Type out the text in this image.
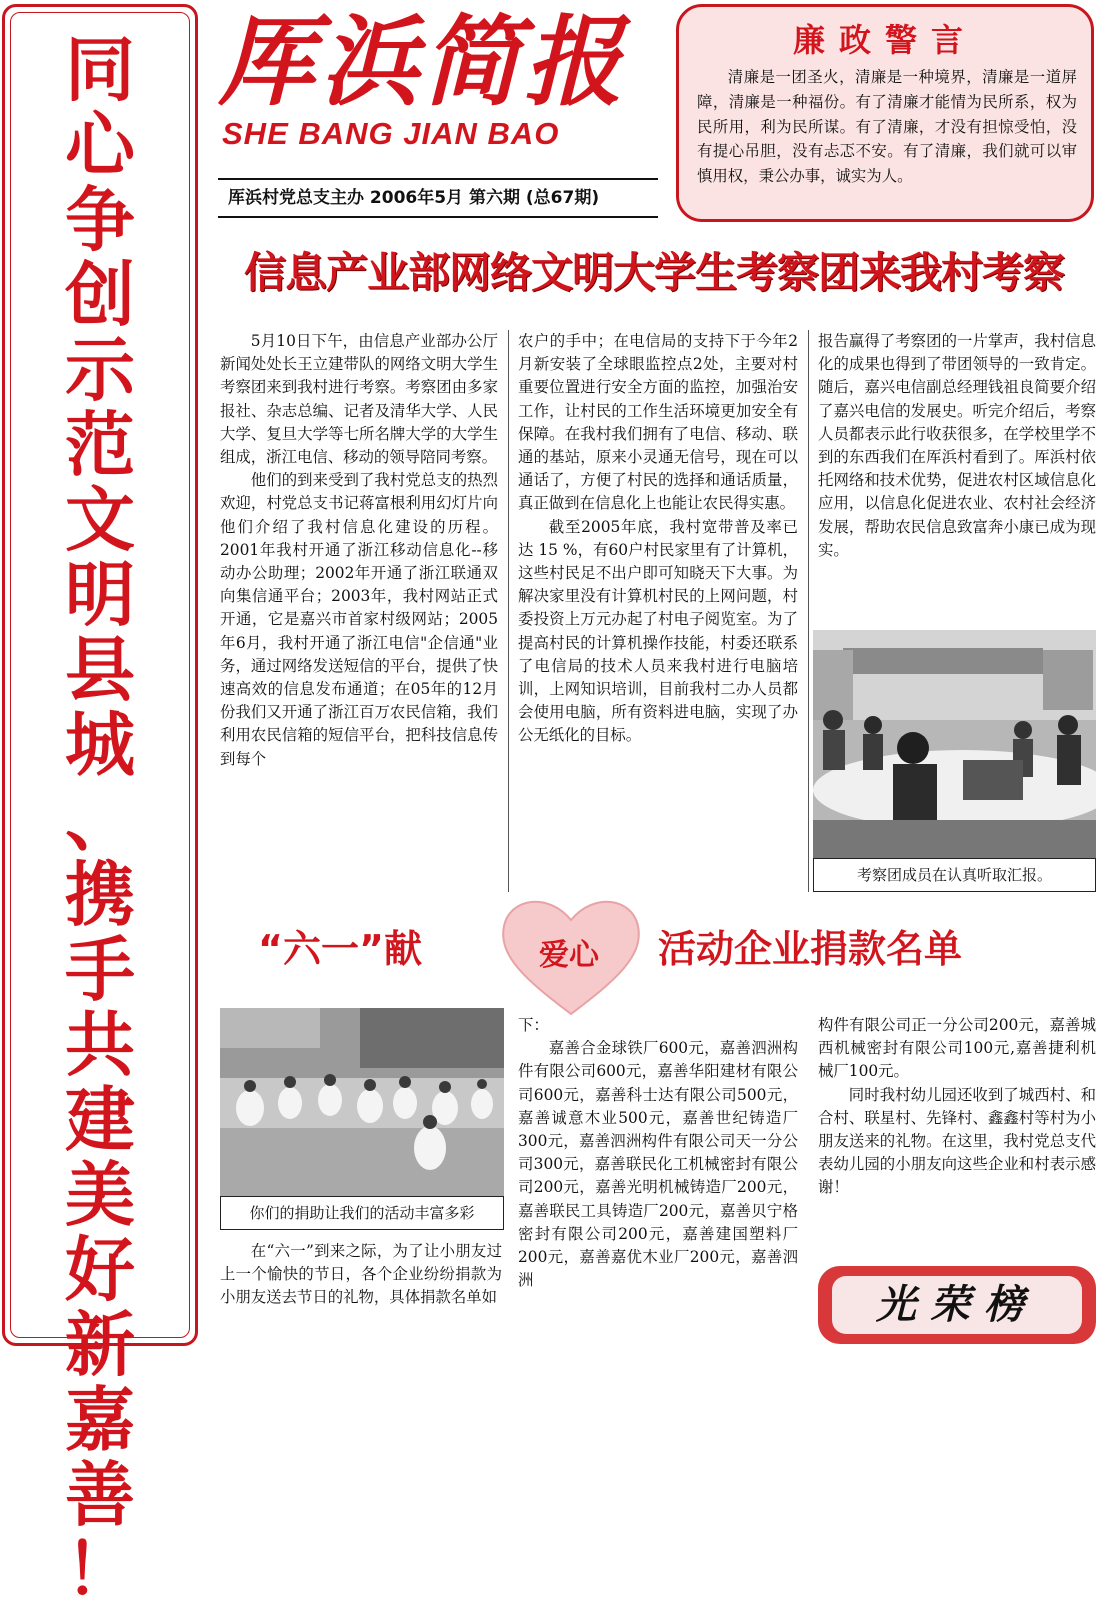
同
心
争
创
示
范
文
明
县
城
、
携
手
共
建
美
好
新
嘉
善
！
厍浜简报
SHE BANG JIAN BAO
厍浜村党总支主办 2006年5月 第六期 (总67期)
廉政警言
清廉是一团圣火，清廉是一种境界，清廉是一道屏障，清廉是一种福份。有了清廉才能情为民所系，权为民所用，利为民所谋。有了清廉，才没有担惊受怕，没有提心吊胆，没有忐忑不安。有了清廉，我们就可以审慎用权，秉公办事，诚实为人。
信息产业部网络文明大学生考察团来我村考察

5月10日下午，由信息产业部办公厅新闻处处长王立建带队的网络文明大学生考察团来到我村进行考察。考察团由多家报社、杂志总编、记者及清华大学、人民大学、复旦大学等七所名牌大学的大学生组成，浙江电信、移动的领导陪同考察。

他们的到来受到了我村党总支的热烈欢迎，村党总支书记蒋富根利用幻灯片向他们介绍了我村信息化建设的历程。2001年我村开通了浙江移动信息化--移动办公助理；2002年开通了浙江联通双向集信通平台；2003年，我村网站正式开通，它是嘉兴市首家村级网站；2005年6月，我村开通了浙江电信"企信通"业务，通过网络发送短信的平台，提供了快速高效的信息发布通道；在05年的12月份我们又开通了浙江百万农民信箱，我们利用农民信箱的短信平台，把科技信息传到每个

农户的手中；在电信局的支持下于今年2月新安装了全球眼监控点2处，主要对村重要位置进行安全方面的监控，加强治安工作，让村民的工作生活环境更加安全有保障。在我村我们拥有了电信、移动、联通的基站，原来小灵通无信号，现在可以通话了，方便了村民的选择和通话质量，真正做到在信息化上也能让农民得实惠。

截至2005年底，我村宽带普及率已达 15 %，有60户村民家里有了计算机，这些村民足不出户即可知晓天下大事。为解决家里没有计算机村民的上网问题，村委投资上万元办起了村电子阅览室。为了提高村民的计算机操作技能，村委还联系了电信局的技术人员来我村进行电脑培训，上网知识培训，目前我村二办人员都会使用电脑，所有资料进电脑，实现了办公无纸化的目标。

报告赢得了考察团的一片掌声，我村信息化的成果也得到了带团领导的一致肯定。随后，嘉兴电信副总经理钱祖良简要介绍了嘉兴电信的发展史。听完介绍后，考察人员都表示此行收获很多，在学校里学不到的东西我们在厍浜村看到了。厍浜村依托网络和技术优势，促进农村区域信息化应用，以信息化促进农业、农村社会经济发展，帮助农民信息致富奔小康已成为现实。

考察团成员在认真听取汇报。
“六一”献	爱心	活动企业捐款名单
你们的捐助让我们的活动丰富多彩

在“六一”到来之际，为了让小朋友过上一个愉快的节日，各个企业纷纷捐款为小朋友送去节日的礼物，具体捐款名单如

下：

嘉善合金球铁厂600元，嘉善泗洲构件有限公司600元，嘉善华阳建材有限公司600元，嘉善科士达有限公司500元，嘉善诚意木业500元，嘉善世纪铸造厂300元，嘉善泗洲构件有限公司天一分公司300元，嘉善联民化工机械密封有限公司200元，嘉善光明机械铸造厂200元，嘉善联民工具铸造厂200元，嘉善贝宁格密封有限公司200元，嘉善建国塑料厂200元，嘉善嘉优木业厂200元，嘉善泗洲

构件有限公司正一分公司200元，嘉善城西机械密封有限公司100元,嘉善捷利机械厂100元。

同时我村幼儿园还收到了城西村、和合村、联星村、先锋村、鑫鑫村等村为小朋友送来的礼物。在这里，我村党总支代表幼儿园的小朋友向这些企业和村表示感谢！

光荣榜
